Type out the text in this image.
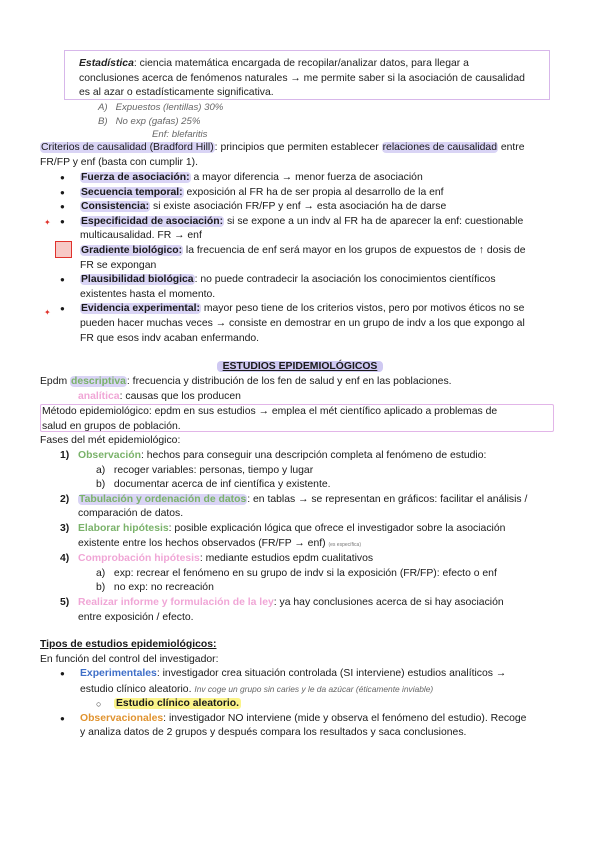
Estadística: ciencia matemática encargada de recopilar/analizar datos, para llegar a
conclusiones acerca de fenómenos naturales → me permite saber si la asociación de causalidad
es al azar o estadísticamente significativa.
A) Expuestos (lentillas) 30%
B) No exp (gafas) 25%
Enf: blefaritis
Criterios de causalidad (Bradford Hill): principios que permiten establecer relaciones de causalidad entre
FR/FP y enf (basta con cumplir 1).
● Fuerza de asociación: a mayor diferencia → menor fuerza de asociación
● Secuencia temporal: exposición al FR ha de ser propia al desarrollo de la enf
● Consistencia: si existe asociación FR/FP y enf → esta asociación ha de darse
● Especificidad de asociación: si se expone a un indv al FR ha de aparecer la enf: cuestionable
multicausalidad. FR → enf
Gradiente biológico: la frecuencia de enf será mayor en los grupos de expuestos de ↑ dosis de
FR se expongan
● Plausibilidad biológica: no puede contradecir la asociación los conocimientos científicos
existentes hasta el momento.
● Evidencia experimental: mayor peso tiene de los criterios vistos, pero por motivos éticos no se
pueden hacer muchas veces → consiste en demostrar en un grupo de indv a los que expongo al
FR que esos indv acaban enfermando.
✦
✦
ESTUDIOS EPIDEMIOLÓGICOS
Epdm descriptiva: frecuencia y distribución de los fen de salud y enf en las poblaciones.
analítica: causas que los producen
Método epidemiológico: epdm en sus estudios → emplea el mét científico aplicado a problemas de
salud en grupos de población.
Fases del mét epidemiológico:
1) Observación: hechos para conseguir una descripción completa al fenómeno de estudio:
a) recoger variables: personas, tiempo y lugar
b) documentar acerca de inf científica y existente.
2) Tabulación y ordenación de datos: en tablas → se representan en gráficos: facilitar el análisis /
comparación de datos.
3) Elaborar hipótesis: posible explicación lógica que ofrece el investigador sobre la asociación
existente entre los hechos observados (FR/FP → enf) (es específica)
4) Comprobación hipótesis: mediante estudios epdm cualitativos
a) exp: recrear el fenómeno en su grupo de indv si la exposición (FR/FP): efecto o enf
b) no exp: no recreación
5) Realizar informe y formulación de la ley: ya hay conclusiones acerca de si hay asociación
entre exposición / efecto.
Tipos de estudios epidemiológicos:
En función del control del investigador:
● Experimentales: investigador crea situación controlada (SI interviene) estudios analíticos →
estudio clínico aleatorio. Inv coge un grupo sin caries y le da azúcar (éticamente inviable)
○ Estudio clínico aleatorio.
● Observacionales: investigador NO interviene (mide y observa el fenómeno del estudio). Recoge
y analiza datos de 2 grupos y después compara los resultados y saca conclusiones.
